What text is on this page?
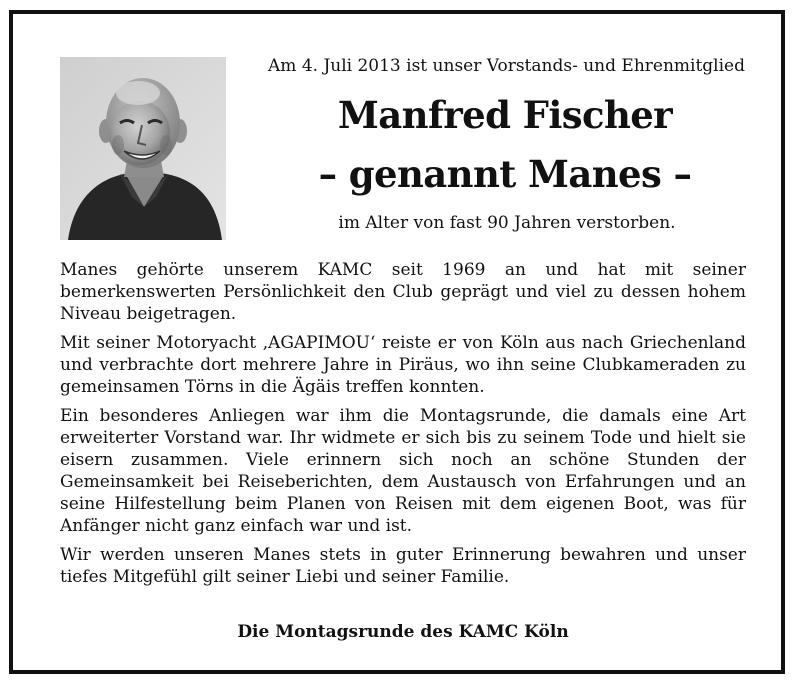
Am 4. Juli 2013 ist unser Vorstands- und Ehrenmitglied
Manfred Fischer
– genannt Manes –
im Alter von fast 90 Jahren verstorben.

Manes gehörte unserem KAMC seit 1969 an und hat mit seiner bemerkenswerten Persönlichkeit den Club geprägt und viel zu dessen hohem Niveau beigetragen.

Mit seiner Motoryacht ‚AGAPIMOU‘ reiste er von Köln aus nach Griechenland und verbrachte dort mehrere Jahre in Piräus, wo ihn seine Clubkameraden zu gemeinsamen Törns in die Ägäis treffen konnten.

Ein besonderes Anliegen war ihm die Montagsrunde, die damals eine Art erweiterter Vorstand war. Ihr widmete er sich bis zu seinem Tode und hielt sie eisern zusammen. Viele erinnern sich noch an schöne Stunden der Gemeinsamkeit bei Reiseberichten, dem Austausch von Erfahrungen und an seine Hilfestellung beim Planen von Reisen mit dem eigenen Boot, was für Anfänger nicht ganz einfach war und ist.

Wir werden unseren Manes stets in guter Erinnerung bewahren und unser tiefes Mitgefühl gilt seiner Liebi und seiner Familie.

Die Montagsrunde des KAMC Köln
